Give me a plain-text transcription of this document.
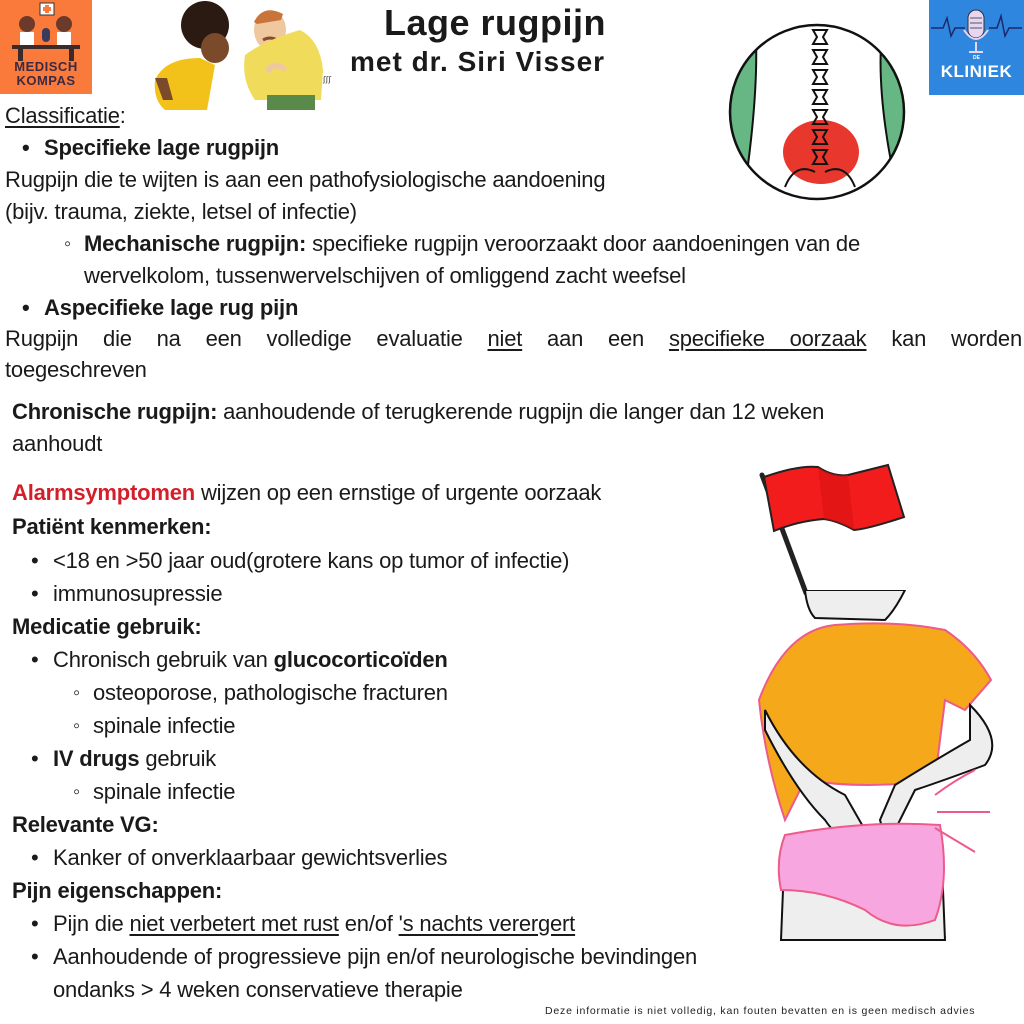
MEDISCH
KOMPAS
DE
KLINIEK
ʃʃʃ
Lage rugpijn
met dr. Siri Visser
Classificatie:
• Specifieke lage rugpijn
Rugpijn die te wijten is aan een pathofysiologische aandoening
(bijv. trauma, ziekte, letsel of infectie)
◦ Mechanische rugpijn: specifieke rugpijn veroorzaakt door aandoeningen van de
wervelkolom, tussenwervelschijven of omliggend zacht weefsel
• Aspecifieke lage rug pijn
Rugpijn die na een volledige evaluatie niet aan een specifieke oorzaak kan worden
toegeschreven
Chronische rugpijn: aanhoudende of terugkerende rugpijn die langer dan 12 weken
aanhoudt
Alarmsymptomen wijzen op een ernstige of urgente oorzaak
Patiënt kenmerken:
• <18 en >50 jaar oud(grotere kans op tumor of infectie)
• immunosupressie
Medicatie gebruik:
• Chronisch gebruik van glucocorticoïden
◦ osteoporose, pathologische fracturen
◦ spinale infectie
• IV drugs gebruik
◦ spinale infectie
Relevante VG:
• Kanker of onverklaarbaar gewichtsverlies
Pijn eigenschappen:
• Pijn die niet verbetert met rust en/of 's nachts verergert
• Aanhoudende of progressieve pijn en/of neurologische bevindingen
ondanks > 4 weken conservatieve therapie
Deze informatie is niet volledig, kan fouten bevatten en is geen medisch advies
